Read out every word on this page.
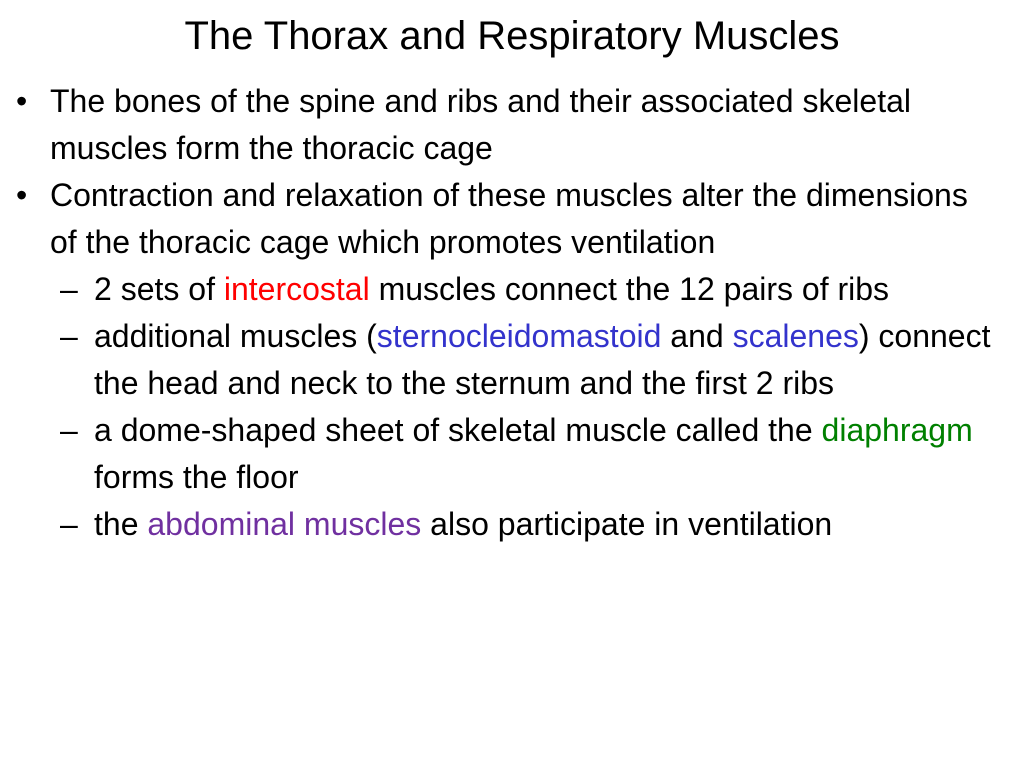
The Thorax and Respiratory Muscles
• The bones of the spine and ribs and their associated skeletal muscles form the thoracic cage
• Contraction and relaxation of these muscles alter the dimensions of the thoracic cage which promotes ventilation
– 2 sets of intercostal muscles connect the 12 pairs of ribs
– additional muscles (sternocleidomastoid and scalenes) connect the head and neck to the sternum and the first 2 ribs
– a dome-shaped sheet of skeletal muscle called the diaphragm forms the floor
– the abdominal muscles also participate in ventilation
